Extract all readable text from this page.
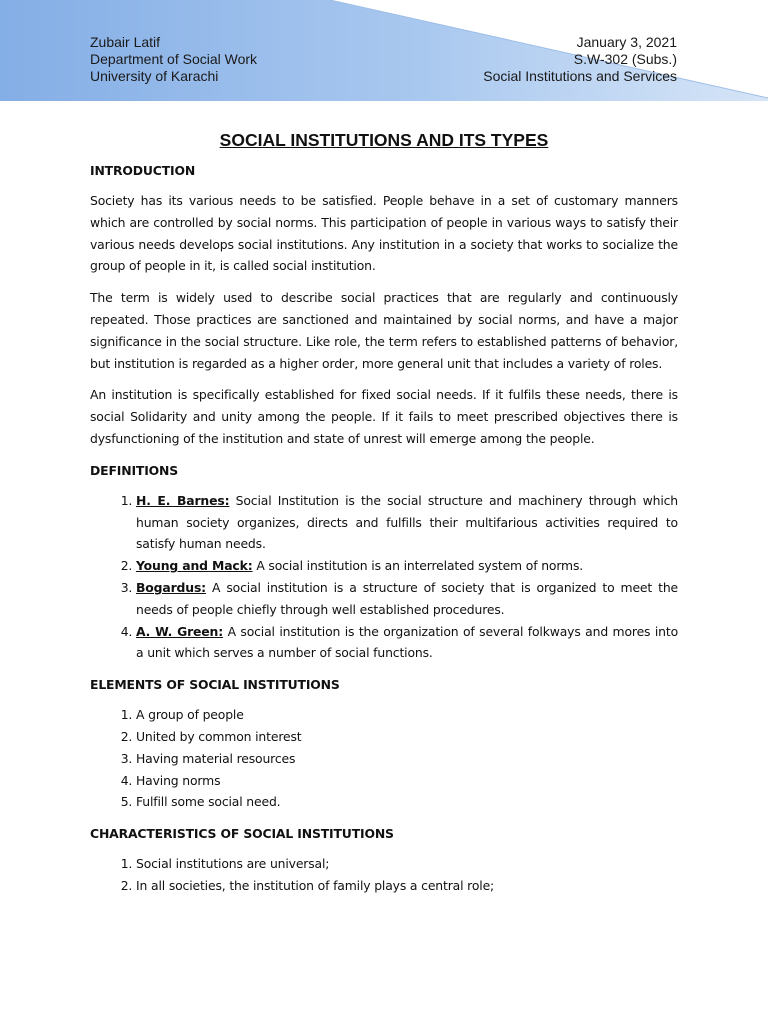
Zubair Latif
Department of Social Work
University of Karachi
January 3, 2021
S.W-302 (Subs.)
Social Institutions and Services
SOCIAL INSTITUTIONS AND ITS TYPES
INTRODUCTION

Society has its various needs to be satisfied. People behave in a set of customary manners which are controlled by social norms. This participation of people in various ways to satisfy their various needs develops social institutions. Any institution in a society that works to socialize the group of people in it, is called social institution.

The term is widely used to describe social practices that are regularly and continuously repeated. Those practices are sanctioned and maintained by social norms, and have a major significance in the social structure. Like role, the term refers to established patterns of behavior, but institution is regarded as a higher order, more general unit that includes a variety of roles.

An institution is specifically established for fixed social needs. If it fulfils these needs, there is social Solidarity and unity among the people. If it fails to meet prescribed objectives there is dysfunctioning of the institution and state of unrest will emerge among the people.

DEFINITIONS
1. H. E. Barnes: Social Institution is the social structure and machinery through which human society organizes, directs and fulfills their multifarious activities required to satisfy human needs.
2. Young and Mack: A social institution is an interrelated system of norms.
3. Bogardus: A social institution is a structure of society that is organized to meet the needs of people chiefly through well established procedures.
4. A. W. Green: A social institution is the organization of several folkways and mores into a unit which serves a number of social functions.
ELEMENTS OF SOCIAL INSTITUTIONS
1. A group of people
2. United by common interest
3. Having material resources
4. Having norms
5. Fulfill some social need.
CHARACTERISTICS OF SOCIAL INSTITUTIONS
1. Social institutions are universal;
2. In all societies, the institution of family plays a central role;
